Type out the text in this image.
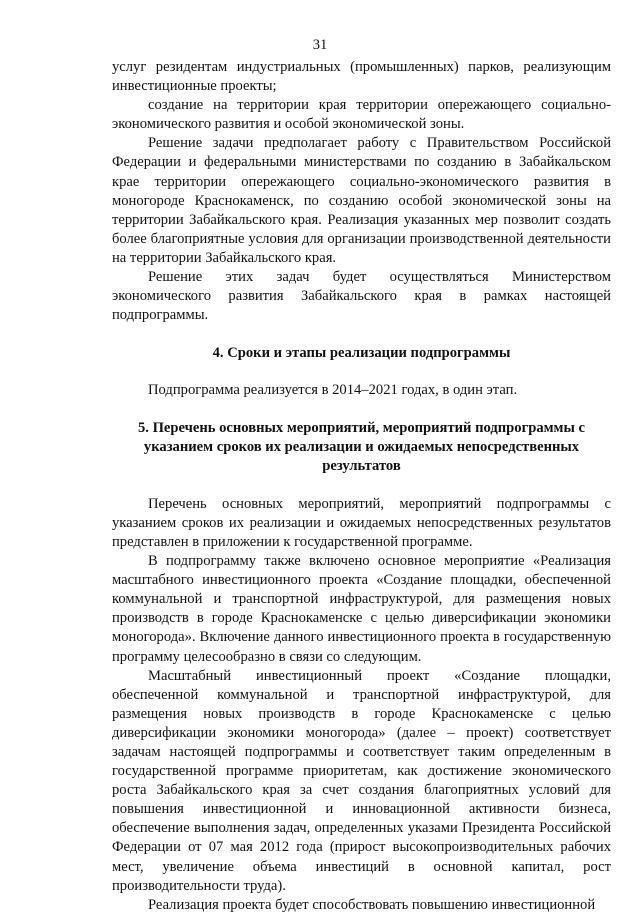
31

услуг резидентам индустриальных (промышленных) парков, реализующим инвестиционные проекты;

создание на территории края территории опережающего социально-экономического развития и особой экономической зоны.

Решение задачи предполагает работу с Правительством Российской Федерации и федеральными министерствами по созданию в Забайкальском крае территории опережающего социально-экономического развития в моногороде Краснокаменск, по созданию особой экономической зоны на территории Забайкальского края. Реализация указанных мер позволит создать более благоприятные условия для организации производственной деятельности на территории Забайкальского края.

Решение этих задач будет осуществляться Министерством экономического развития Забайкальского края в рамках настоящей подпрограммы.

4. Сроки и этапы реализации подпрограммы

Подпрограмма реализуется в 2014–2021 годах, в один этап.

5. Перечень основных мероприятий, мероприятий подпрограммы с указанием сроков их реализации и ожидаемых непосредственных результатов

Перечень основных мероприятий, мероприятий подпрограммы с указанием сроков их реализации и ожидаемых непосредственных результатов представлен в приложении к государственной программе.

В подпрограмму также включено основное мероприятие «Реализация масштабного инвестиционного проекта «Создание площадки, обеспеченной коммунальной и транспортной инфраструктурой, для размещения новых производств в городе Краснокаменске с целью диверсификации экономики моногорода». Включение данного инвестиционного проекта в государственную программу целесообразно в связи со следующим.

Масштабный инвестиционный проект «Создание площадки, обеспеченной коммунальной и транспортной инфраструктурой, для размещения новых производств в городе Краснокаменске с целью диверсификации экономики моногорода» (далее – проект) соответствует задачам настоящей подпрограммы и соответствует таким определенным в государственной программе приоритетам, как достижение экономического роста Забайкальского края за счет создания благоприятных условий для повышения инвестиционной и инновационной активности бизнеса, обеспечение выполнения задач, определенных указами Президента Российской Федерации от 07 мая 2012 года (прирост высокопроизводительных рабочих мест, увеличение объема инвестиций в основной капитал, рост производительности труда).

Реализация проекта будет способствовать повышению инвестиционной
